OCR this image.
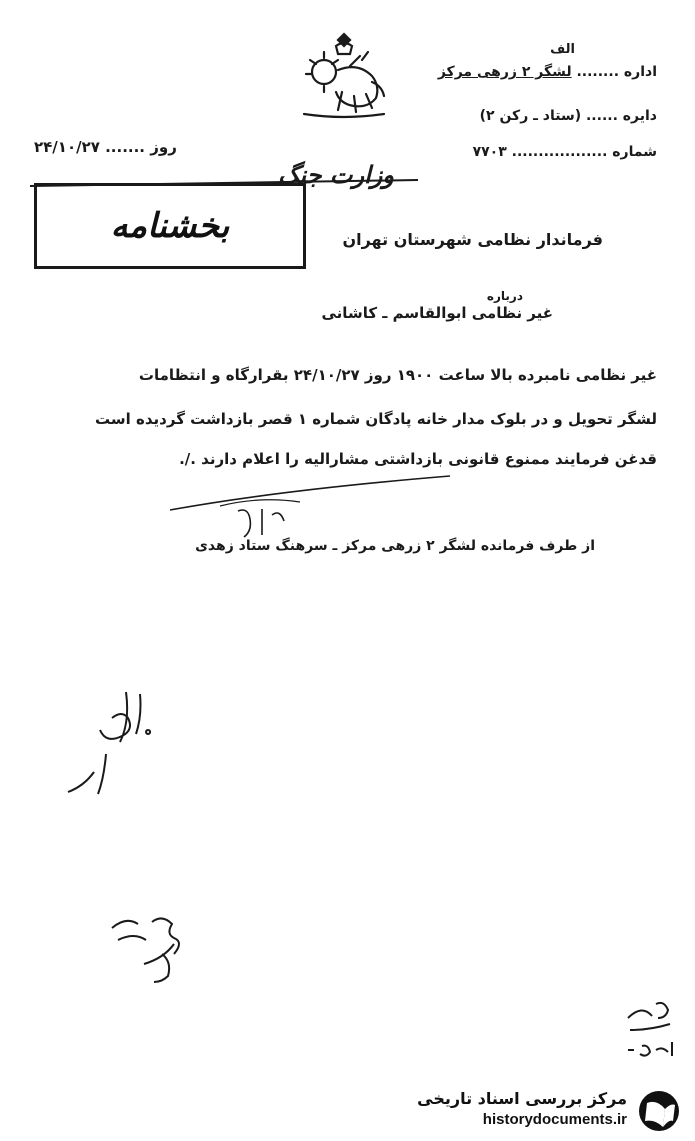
الف
اداره ........ لشگر ۲ زرهی مرکز
دایره ...... (ستاد ـ رکن ۲)
شماره .................. ۷۷۰۳
روز ....... ۲۴/۱۰/۲۷
وزارت جنگ
بخشنامه	فرماندار نظامی شهرستان تهران
درباره
غیر نظامی ابوالقاسم ـ کاشانی
غیر نظامی نامبرده بالا ساعت ۱۹۰۰ روز ۲۴/۱۰/۲۷ بقرارگاه و انتظامات
لشگر تحویل و در بلوک مدار خانه پادگان شماره ۱ قصر بازداشت گردیده است
قدغن فرمایند ممنوع قانونی بازداشتی مشارالیه را اعلام دارند ./.
از طرف فرمانده لشگر ۲ زرهی مرکز ـ سرهنگ ستاد زهدی
مرکز بررسی اسناد تاریخی
historydocuments.ir
